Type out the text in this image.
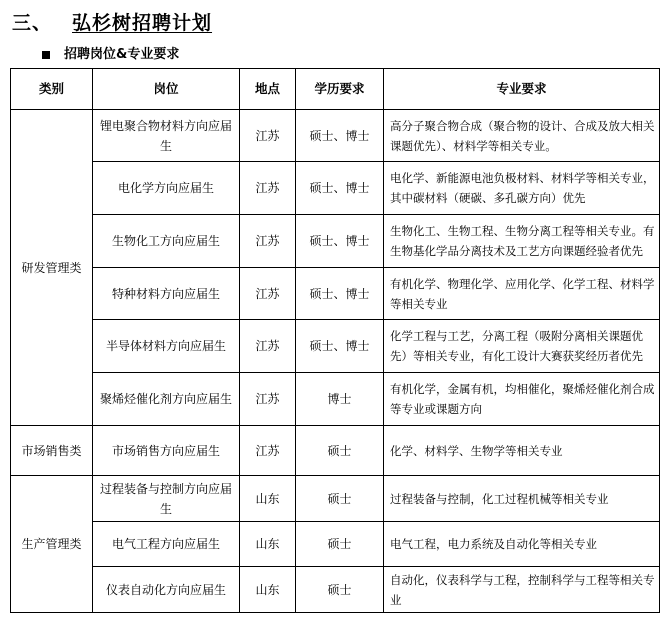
三、 弘杉树招聘计划
招聘岗位&专业要求
类别	岗位	地点	学历要求	专业要求
研发管理类	锂电聚合物材料方向应届生	江苏	硕士、博士	高分子聚合物合成（聚合物的设计、合成及放大相关课题优先）、材料学等相关专业。
	电化学方向应届生	江苏	硕士、博士	电化学、新能源电池负极材料、材料学等相关专业，其中碳材料（硬碳、多孔碳方向）优先
	生物化工方向应届生	江苏	硕士、博士	生物化工、生物工程、生物分离工程等相关专业。有生物基化学品分离技术及工艺方向课题经验者优先
	特种材料方向应届生	江苏	硕士、博士	有机化学、物理化学、应用化学、化学工程、材料学等相关专业
	半导体材料方向应届生	江苏	硕士、博士	化学工程与工艺，分离工程（吸附分离相关课题优先）等相关专业，有化工设计大赛获奖经历者优先
	聚烯烃催化剂方向应届生	江苏	博士	有机化学，金属有机，均相催化，聚烯烃催化剂合成等专业或课题方向
市场销售类	市场销售方向应届生	江苏	硕士	化学、材料学、生物学等相关专业
生产管理类	过程装备与控制方向应届生	山东	硕士	过程装备与控制，化工过程机械等相关专业
	电气工程方向应届生	山东	硕士	电气工程，电力系统及自动化等相关专业
	仪表自动化方向应届生	山东	硕士	自动化，仪表科学与工程，控制科学与工程等相关专业
